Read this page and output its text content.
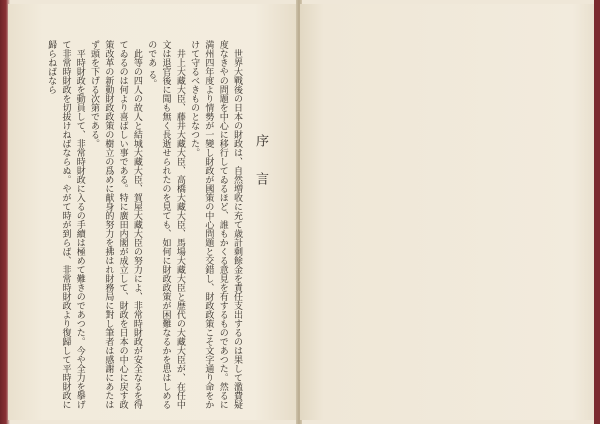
序　言

世界大戰後の日本の財政は、自然増收に充て歳計剩餘金を責任支出するのは果して濫費疑度なきやの問題を中心に移行してゐるほど、誰もかくる意見を有するものであつた。然るに満州四年度より情勢が一變し財政が國策の中心問題と交錯し、財政政策こそ文字通り命をかけて守るべきものとなつた。

井上大藏大臣、藤井大藏大臣、高橋大藏大臣、馬場大藏大臣と歴代の大藏大臣が、在任中文は退官後に聞も無く長逝せられたのを見ても、如何に財政政策が困難なるかを思はしめるのであ る。

此等の四人の故人と結城大藏大臣、賀屋大藏大臣の努力によ、非常時財政が安全なるを得てゐるのは何より喜ばしい事である。特に廣田内閣が成立して、財政を日本の中心に戻す政策改革の新動財政政策の樹立の爲めに献身的努力を拂はれ財務局に對し筆者は感謝にあたはず頭を下げる次第である。

平時財政を動員して、非常時財政に入るの手續は極めて難きのであつた。今や全力を擧げて非常時財政を切拔けねばならぬ。やがて時が到らば、非常時財政より復歸して平時財政に歸らねばなら
